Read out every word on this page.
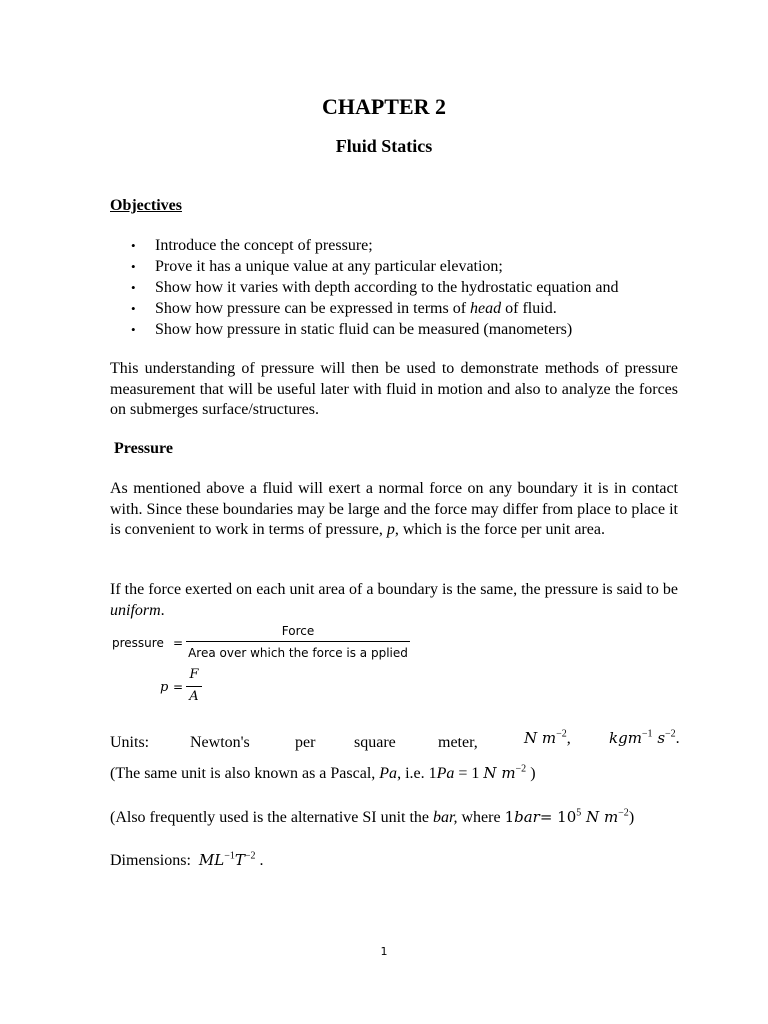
CHAPTER 2
Fluid Statics
Objectives
• Introduce the concept of pressure;
• Prove it has a unique value at any particular elevation;
• Show how it varies with depth according to the hydrostatic equation and
• Show how pressure can be expressed in terms of head of fluid.
• Show how pressure in static fluid can be measured (manometers)
This understanding of pressure will then be used to demonstrate methods of pressure measurement that will be useful later with fluid in motion and also to analyze the forces on submerges surface/structures.
Pressure
As mentioned above a fluid will exert a normal force on any boundary it is in contact with. Since these boundaries may be large and the force may differ from place to place it is convenient to work in terms of pressure, p, which is the force per unit area.
If the force exerted on each unit area of a boundary is the same, the pressure is said to be uniform.
pressure =
Force
Area over which the force is a pplied
p =
F
A
Units:	Newton's	per square	meter,	N $m^{-2}$,	kgm$^{-1}$ $s^{-2}$.
(The same unit is also known as a Pascal, Pa, i.e. 1Pa = 1 N $m^{-2}$ )
(Also frequently used is the alternative SI unit the bar, where $1bar= 10^5$ N $m^{-2}$)
Dimensions: $ML^{-1}T^{-2}$ .
1
